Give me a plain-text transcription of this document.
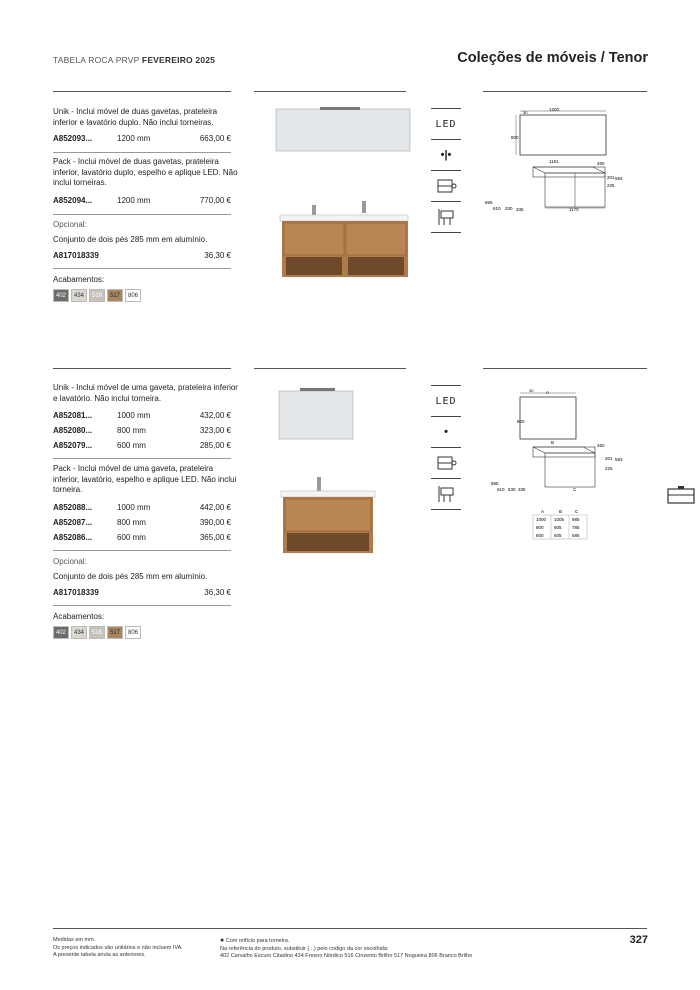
TABELA ROCA PRVP FEVEREIRO 2025	Coleções de móveis / Tenor
Unik - Inclui móvel de duas gavetas, prateleira inferior e lavatório duplo. Não inclui torneiras.
A852093...	1200 mm	663,00 €
Pack - Inclui móvel de duas gavetas, prateleira inferior, lavatório duplo, espelho e aplique LED. Não inclui torneiras.
A852094...	1200 mm	770,00 €
Opcional:
Conjunto de dois pés 285 mm em alumínio.
A817018339	36,30 €
Acabamentos:
402	434	516	517	806
LED
•|•
1200
30
800
1151	460
201 583
225
865
610 330 335	1170
Unik - Inclui móvel de uma gaveta, prateleira inferior e lavatório. Não inclui torneira.
A852081...	1000 mm	432,00 €
A852080...	800 mm	323,00 €
A852079...	600 mm	285,00 €
Pack - Inclui móvel de uma gaveta, prateleira inferior, lavatório, espelho e aplique LED. Não inclui torneira.
A852088...	1000 mm	442,00 €
A852087...	800 mm	390,00 €
A852086...	600 mm	365,00 €
Opcional:
Conjunto de dois pés 285 mm em alumínio.
A817018339	36,30 €
Acabamentos:
402	434	516	517	806
LED
•
A
30
800
B
460
201 583
225
865
610 530 335	C
A	B	C
1000 1005 985
800 805 785
600 605 585
Medidas em mm.
Os preços indicados são unitários e não incluem IVA.
A presente tabela anula as anteriores.
● Com orifício para torneira.
Na referência do produto, substituir (...) pelo codigo da cor escolhida:
402 Carvalho Escuro Citadino 434 Fresno Nórdico 516 Cinzento Brilho 517 Nogueira 806 Branco Brilho
327
